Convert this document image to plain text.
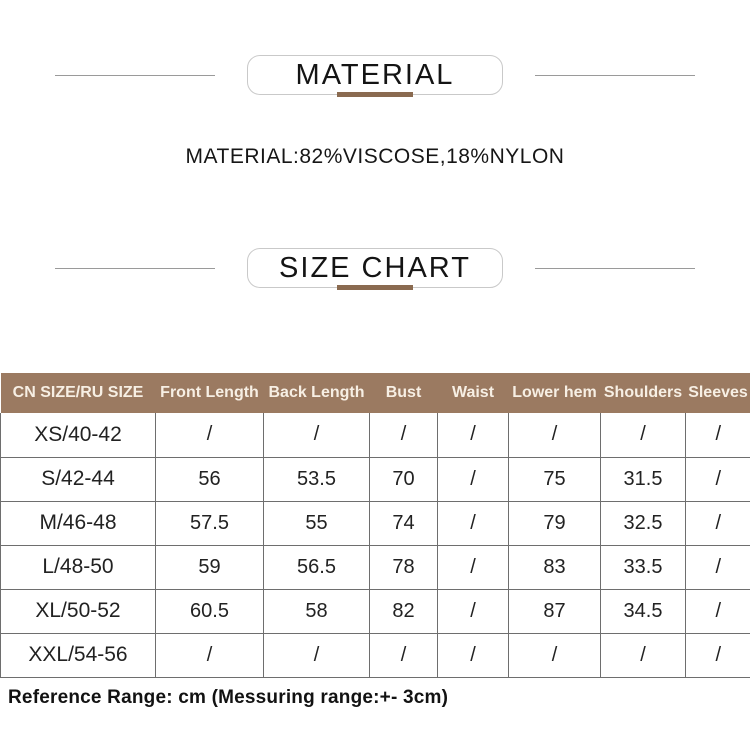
MATERIAL
MATERIAL:82%VISCOSE,18%NYLON
SIZE CHART
CN SIZE/RU SIZE	Front Length	Back Length	Bust	Waist	Lower hem	Shoulders	Sleeves
XS/40-42	/	/	/	/	/	/	/
S/42-44	56	53.5	70	/	75	31.5	/
M/46-48	57.5	55	74	/	79	32.5	/
L/48-50	59	56.5	78	/	83	33.5	/
XL/50-52	60.5	58	82	/	87	34.5	/
XXL/54-56	/	/	/	/	/	/	/
Reference Range: cm (Messuring range:+- 3cm)
